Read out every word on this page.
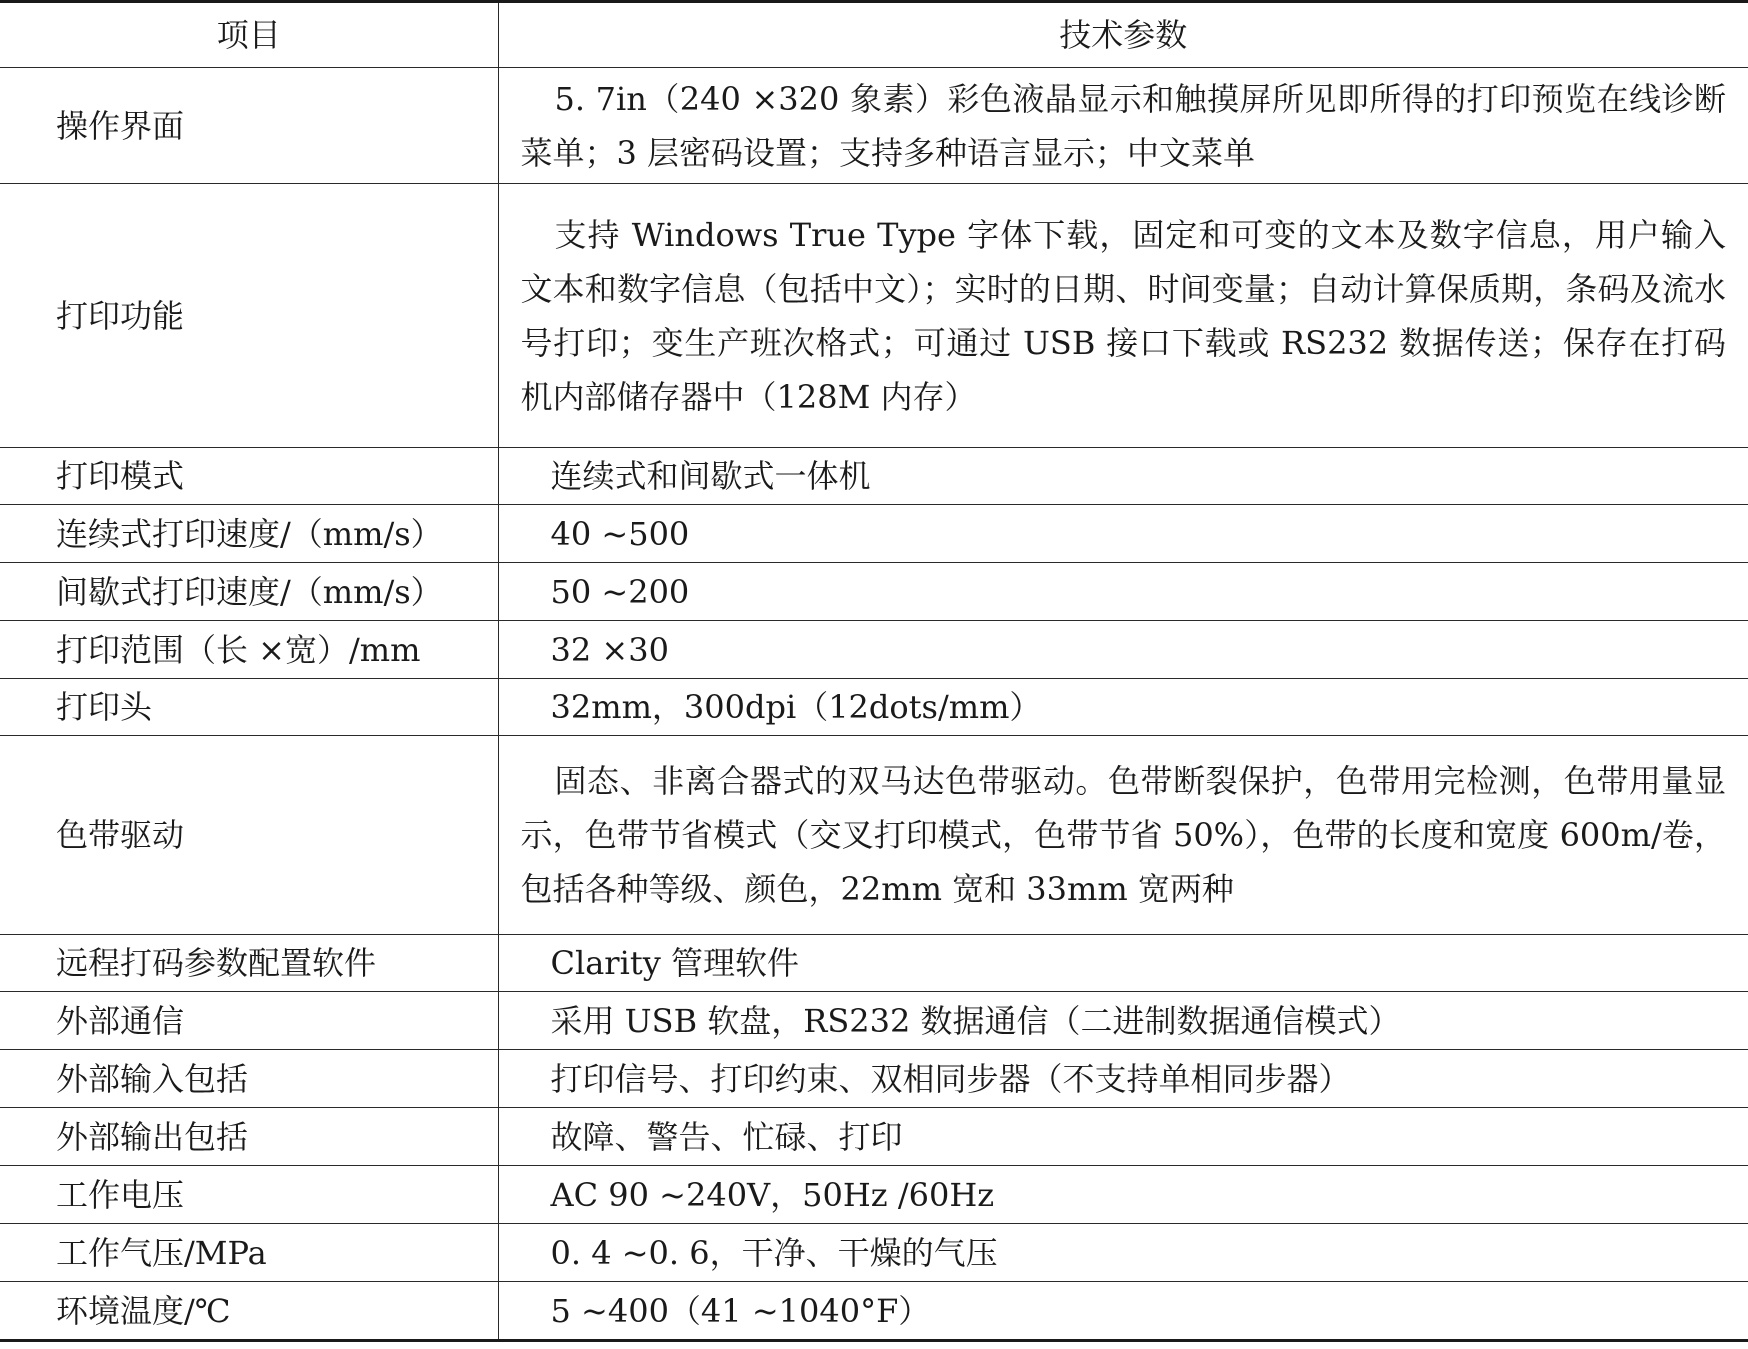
项目	技术参数
操作界面	5. 7in（240 ×320 象素）彩色液晶显示和触摸屏所见即所得的打印预览在线诊断菜单；3 层密码设置；支持多种语言显示；中文菜单

打印功能	支持 Windows True Type 字体下载，固定和可变的文本及数字信息，用户输入文本和数字信息（包括中文）；实时的日期、时间变量；自动计算保质期，条码及流水号打印；变生产班次格式；可通过 USB 接口下载或 RS232 数据传送；保存在打码机内部储存器中（128M 内存）

打印模式	连续式和间歇式一体机
连续式打印速度/（mm/s）	40 ~500
间歇式打印速度/（mm/s）	50 ~200
打印范围（长 ×宽）/mm	32 ×30
打印头	32mm，300dpi（12dots/mm）
色带驱动	固态、非离合器式的双马达色带驱动。色带断裂保护，色带用完检测，色带用量显示，色带节省模式（交叉打印模式，色带节省 50%），色带的长度和宽度 600m/卷，包括各种等级、颜色，22mm 宽和 33mm 宽两种

远程打码参数配置软件	Clarity 管理软件
外部通信	采用 USB 软盘，RS232 数据通信（二进制数据通信模式）
外部输入包括	打印信号、打印约束、双相同步器（不支持单相同步器）
外部输出包括	故障、警告、忙碌、打印
工作电压	AC 90 ~240V，50Hz /60Hz
工作气压/MPa	0. 4 ~0. 6，干净、干燥的气压
环境温度/℃	5 ~400（41 ~1040°F）
